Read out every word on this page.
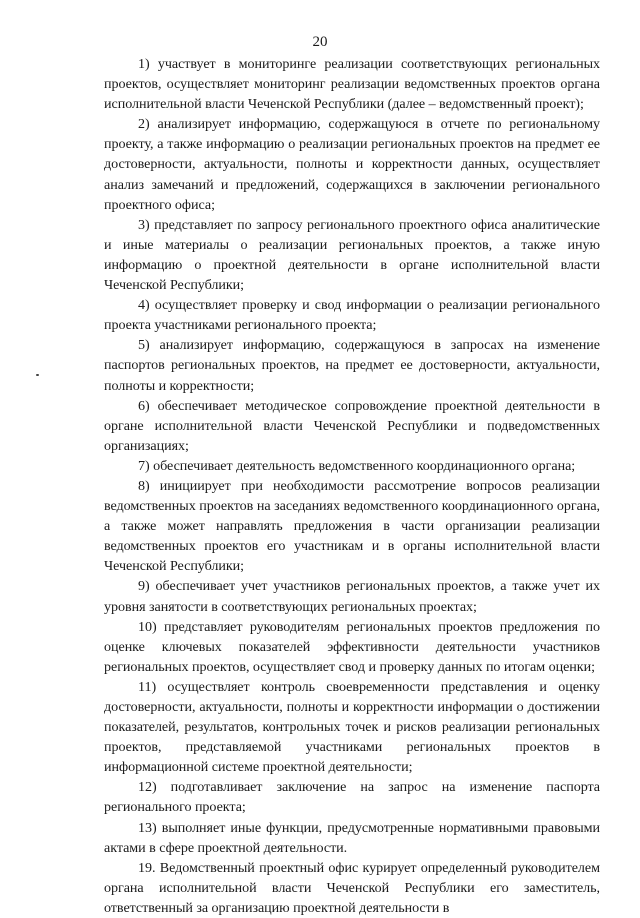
20

1) участвует в мониторинге реализации соответствующих региональных проектов, осуществляет мониторинг реализации ведомственных проектов органа исполнительной власти Чеченской Республики (далее – ведомственный проект);

2) анализирует информацию, содержащуюся в отчете по региональному проекту, а также информацию о реализации региональных проектов на предмет ее достоверности, актуальности, полноты и корректности данных, осуществляет анализ замечаний и предложений, содержащихся в заключении регионального проектного офиса;

3) представляет по запросу регионального проектного офиса аналитические и иные материалы о реализации региональных проектов, а также иную информацию о проектной деятельности в органе исполнительной власти Чеченской Республики;

4) осуществляет проверку и свод информации о реализации регионального проекта участниками регионального проекта;

5) анализирует информацию, содержащуюся в запросах на изменение паспортов региональных проектов, на предмет ее достоверности, актуальности, полноты и корректности;

6) обеспечивает методическое сопровождение проектной деятельности в органе исполнительной власти Чеченской Республики и подведомственных организациях;

7) обеспечивает деятельность ведомственного координационного органа;

8) инициирует при необходимости рассмотрение вопросов реализации ведомственных проектов на заседаниях ведомственного координационного органа, а также может направлять предложения в части организации реализации ведомственных проектов его участникам и в органы исполнительной власти Чеченской Республики;

9) обеспечивает учет участников региональных проектов, а также учет их уровня занятости в соответствующих региональных проектах;

10) представляет руководителям региональных проектов предложения по оценке ключевых показателей эффективности деятельности участников региональных проектов, осуществляет свод и проверку данных по итогам оценки;

11) осуществляет контроль своевременности представления и оценку достоверности, актуальности, полноты и корректности информации о достижении показателей, результатов, контрольных точек и рисков реализации региональных проектов, представляемой участниками региональных проектов в информационной системе проектной деятельности;

12) подготавливает заключение на запрос на изменение паспорта регионального проекта;

13) выполняет иные функции, предусмотренные нормативными правовыми актами в сфере проектной деятельности.

19. Ведомственный проектный офис курирует определенный руководителем органа исполнительной власти Чеченской Республики его заместитель, ответственный за организацию проектной деятельности в
